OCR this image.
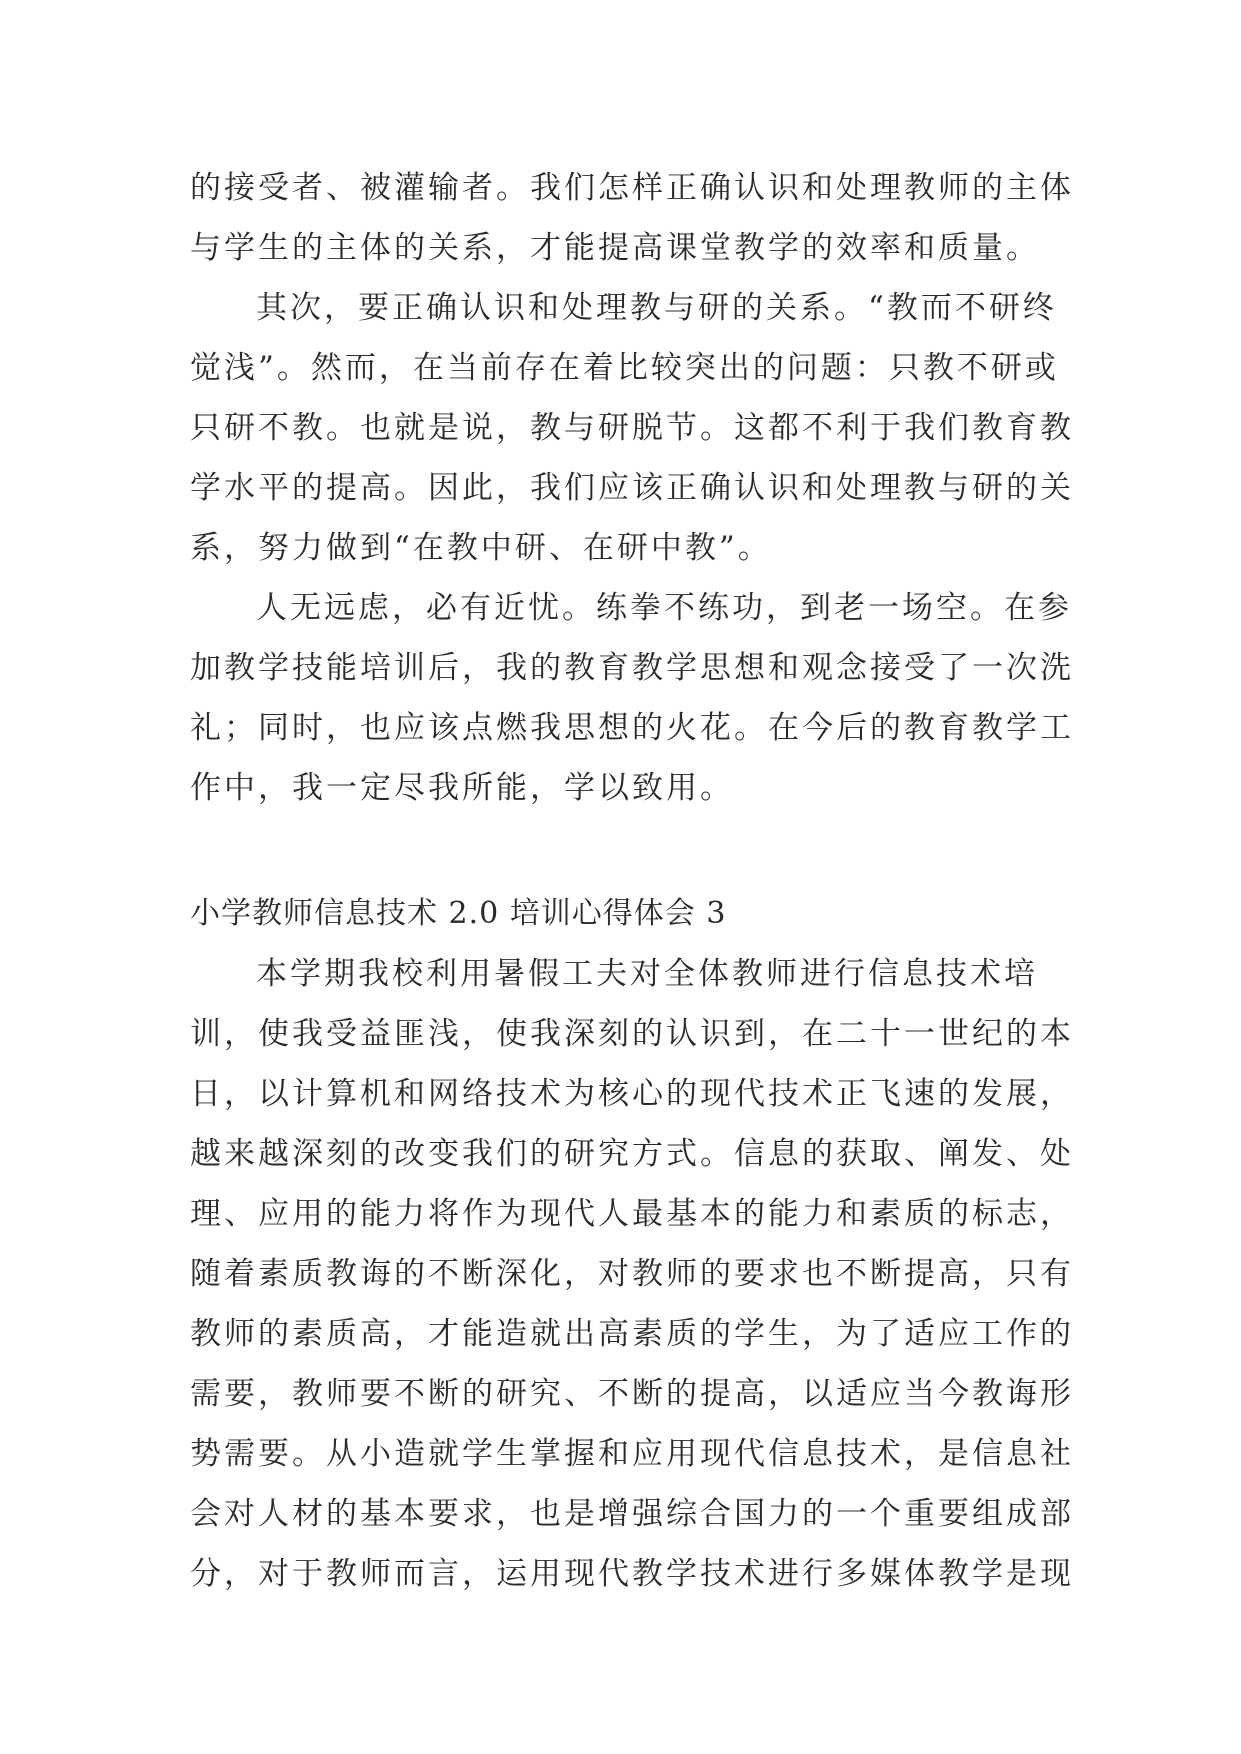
的接受者、被灌输者。我们怎样正确认识和处理教师的主体
与学生的主体的关系，才能提高课堂教学的效率和质量。
其次，要正确认识和处理教与研的关系。“教而不研终
觉浅”。然而，在当前存在着比较突出的问题：只教不研或
只研不教。也就是说，教与研脱节。这都不利于我们教育教
学水平的提高。因此，我们应该正确认识和处理教与研的关
系，努力做到“在教中研、在研中教”。
人无远虑，必有近忧。练拳不练功，到老一场空。在参
加教学技能培训后，我的教育教学思想和观念接受了一次洗
礼；同时，也应该点燃我思想的火花。在今后的教育教学工
作中，我一定尽我所能，学以致用。
小学教师信息技术 2.0 培训心得体会 3
本学期我校利用暑假工夫对全体教师进行信息技术培
训，使我受益匪浅，使我深刻的认识到，在二十一世纪的本
日，以计算机和网络技术为核心的现代技术正飞速的发展，
越来越深刻的改变我们的研究方式。信息的获取、阐发、处
理、应用的能力将作为现代人最基本的能力和素质的标志，
随着素质教诲的不断深化，对教师的要求也不断提高，只有
教师的素质高，才能造就出高素质的学生，为了适应工作的
需要，教师要不断的研究、不断的提高，以适应当今教诲形
势需要。从小造就学生掌握和应用现代信息技术，是信息社
会对人材的基本要求，也是增强综合国力的一个重要组成部
分，对于教师而言，运用现代教学技术进行多媒体教学是现
